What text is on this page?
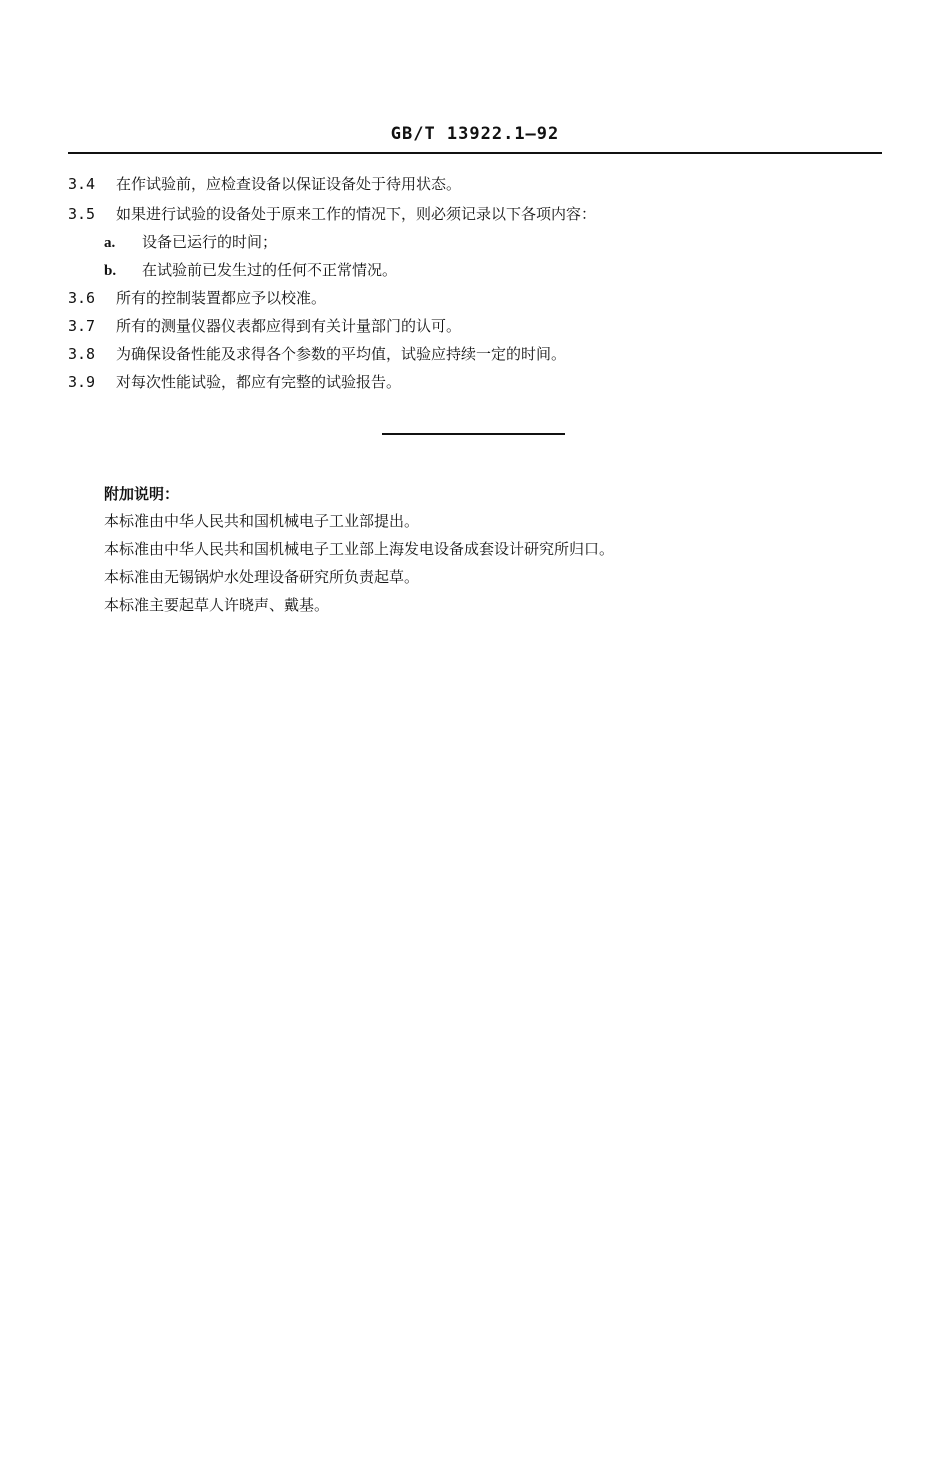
GB/T 13922.1—92
3.4 在作试验前，应检查设备以保证设备处于待用状态。
3.5 如果进行试验的设备处于原来工作的情况下，则必须记录以下各项内容：
a. 设备已运行的时间；
b. 在试验前已发生过的任何不正常情况。
3.6 所有的控制装置都应予以校准。
3.7 所有的测量仪器仪表都应得到有关计量部门的认可。
3.8 为确保设备性能及求得各个参数的平均值，试验应持续一定的时间。
3.9 对每次性能试验，都应有完整的试验报告。
附加说明：
本标准由中华人民共和国机械电子工业部提出。
本标准由中华人民共和国机械电子工业部上海发电设备成套设计研究所归口。
本标准由无锡锅炉水处理设备研究所负责起草。
本标准主要起草人许晓声、戴基。
